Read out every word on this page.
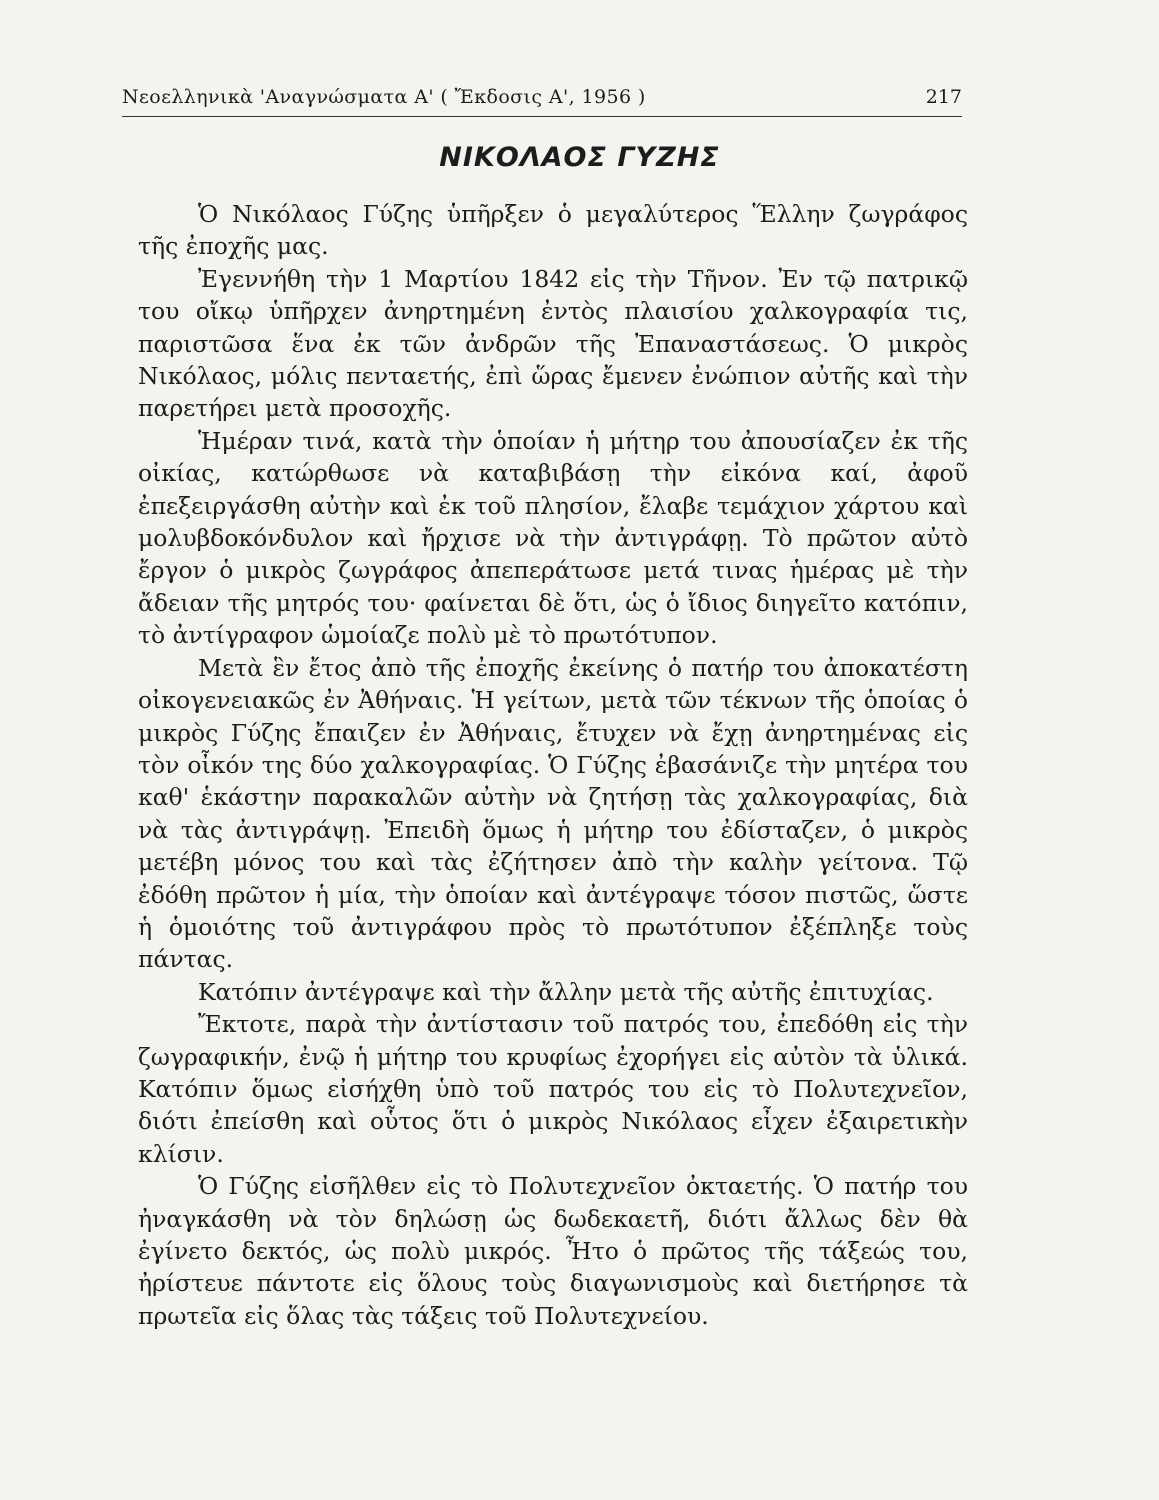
Νεοελληνικὰ 'Αναγνώσματα Α' ( Ἔκδοσις Α', 1956 )	217
ΝΙΚΟΛΑΟΣ ΓΥΖΗΣ

Ὁ Νικόλαος Γύζης ὑπῆρξεν ὁ μεγαλύτερος Ἕλλην ζωγράφος τῆς ἐποχῆς μας.

Ἐγεννήθη τὴν 1 Μαρτίου 1842 εἰς τὴν Τῆνον. Ἐν τῷ πατρικῷ του οἴκῳ ὑπῆρχεν ἀνηρτημένη ἐντὸς πλαισίου χαλκογραφία τις, παριστῶσα ἕνα ἐκ τῶν ἀνδρῶν τῆς Ἐπαναστάσεως. Ὁ μικρὸς Νικόλαος, μόλις πενταετής, ἐπὶ ὥρας ἔμενεν ἐνώπιον αὐτῆς καὶ τὴν παρετήρει μετὰ προσοχῆς.

Ἡμέραν τινά, κατὰ τὴν ὁποίαν ἡ μήτηρ του ἀπουσίαζεν ἐκ τῆς οἰκίας, κατώρθωσε νὰ καταβιβάσῃ τὴν εἰκόνα καί, ἀφοῦ ἐπεξειργάσθη αὐτὴν καὶ ἐκ τοῦ πλησίον, ἔλαβε τεμάχιον χάρτου καὶ μολυβδοκόνδυλον καὶ ἤρχισε νὰ τὴν ἀντιγράφῃ. Τὸ πρῶτον αὐτὸ ἔργον ὁ μικρὸς ζωγράφος ἀπεπεράτωσε μετά τινας ἡμέρας μὲ τὴν ἄδειαν τῆς μητρός του· φαίνεται δὲ ὅτι, ὡς ὁ ἴδιος διηγεῖτο κατόπιν, τὸ ἀντίγραφον ὡμοίαζε πολὺ μὲ τὸ πρωτότυπον.

Μετὰ ἓν ἔτος ἀπὸ τῆς ἐποχῆς ἐκείνης ὁ πατήρ του ἀποκατέστη οἰκογενειακῶς ἐν Ἀθήναις. Ἡ γείτων, μετὰ τῶν τέκνων τῆς ὁποίας ὁ μικρὸς Γύζης ἔπαιζεν ἐν Ἀθήναις, ἔτυχεν νὰ ἔχῃ ἀνηρτημένας εἰς τὸν οἶκόν της δύο χαλκογραφίας. Ὁ Γύζης ἐβασάνιζε τὴν μητέρα του καθ' ἑκάστην παρακαλῶν αὐτὴν νὰ ζητήσῃ τὰς χαλκογραφίας, διὰ νὰ τὰς ἀντιγράψῃ. Ἐπειδὴ ὅμως ἡ μήτηρ του ἐδίσταζεν, ὁ μικρὸς μετέβη μόνος του καὶ τὰς ἐζήτησεν ἀπὸ τὴν καλὴν γείτονα. Τῷ ἐδόθη πρῶτον ἡ μία, τὴν ὁποίαν καὶ ἀντέγραψε τόσον πιστῶς, ὥστε ἡ ὁμοιότης τοῦ ἀντιγράφου πρὸς τὸ πρωτότυπον ἐξέπληξε τοὺς πάντας.

Κατόπιν ἀντέγραψε καὶ τὴν ἄλλην μετὰ τῆς αὐτῆς ἐπιτυχίας.

Ἔκτοτε, παρὰ τὴν ἀντίστασιν τοῦ πατρός του, ἐπεδόθη εἰς τὴν ζωγραφικήν, ἐνῷ ἡ μήτηρ του κρυφίως ἐχορήγει εἰς αὐτὸν τὰ ὑλικά. Κατόπιν ὅμως εἰσήχθη ὑπὸ τοῦ πατρός του εἰς τὸ Πολυτεχνεῖον, διότι ἐπείσθη καὶ οὗτος ὅτι ὁ μικρὸς Νικόλαος εἶχεν ἐξαιρετικὴν κλίσιν.

Ὁ Γύζης εἰσῆλθεν εἰς τὸ Πολυτεχνεῖον ὀκταετής. Ὁ πατήρ του ἠναγκάσθη νὰ τὸν δηλώσῃ ὡς δωδεκαετῆ, διότι ἄλλως δὲν θὰ ἐγίνετο δεκτός, ὡς πολὺ μικρός. Ἦτο ὁ πρῶτος τῆς τάξεώς του, ἠρίστευε πάντοτε εἰς ὅλους τοὺς διαγωνισμοὺς καὶ διετήρησε τὰ πρωτεῖα εἰς ὅλας τὰς τάξεις τοῦ Πολυτεχνείου.
